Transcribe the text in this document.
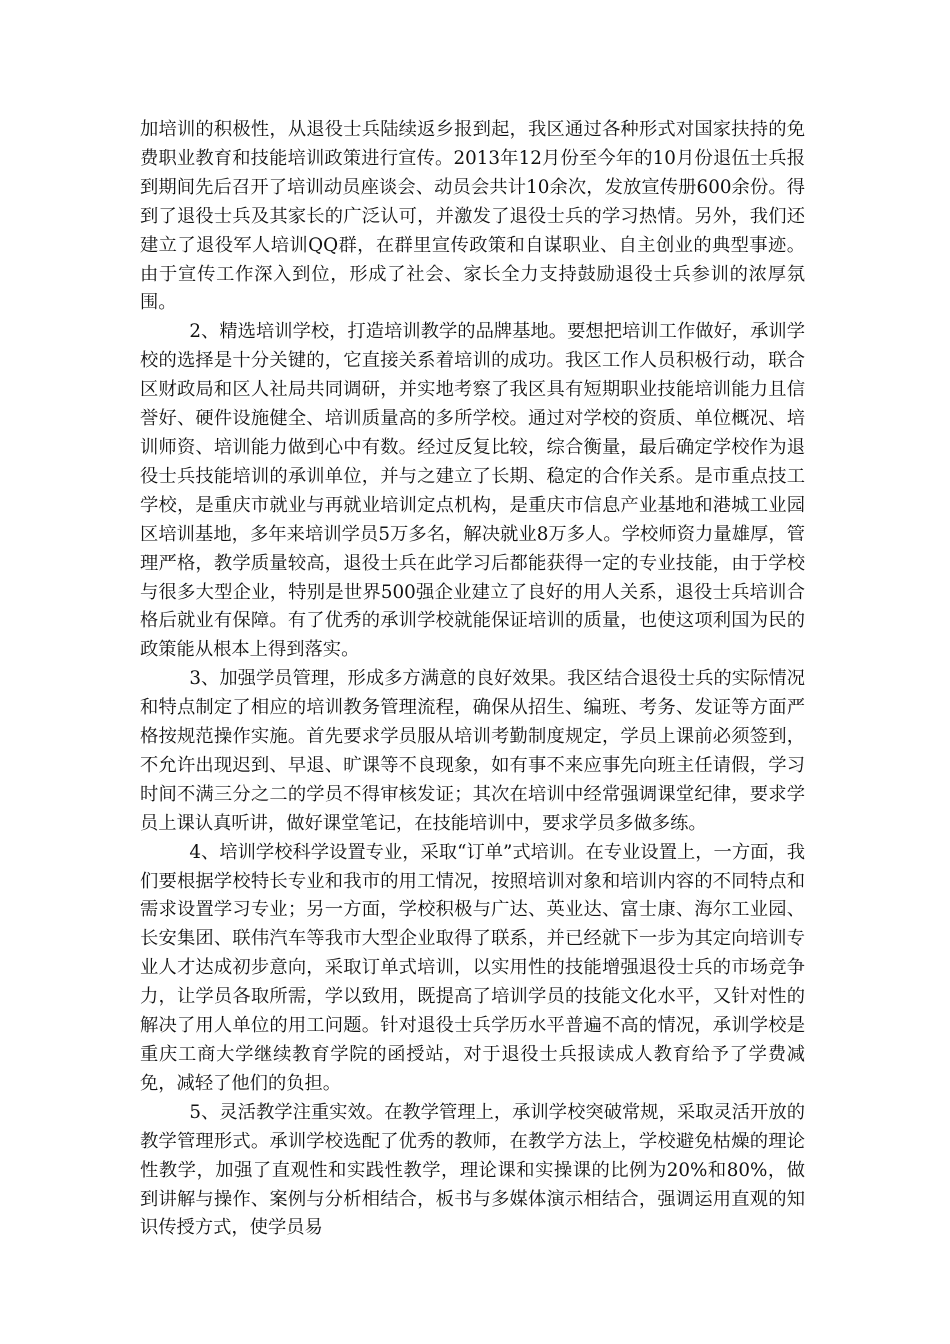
加培训的积极性，从退役士兵陆续返乡报到起，我区通过各种形式对国家扶持的免费职业教育和技能培训政策进行宣传。2013年12月份至今年的10月份退伍士兵报到期间先后召开了培训动员座谈会、动员会共计10余次，发放宣传册600余份。得到了退役士兵及其家长的广泛认可，并激发了退役士兵的学习热情。另外，我们还建立了退役军人培训QQ群，在群里宣传政策和自谋职业、自主创业的典型事迹。由于宣传工作深入到位，形成了社会、家长全力支持鼓励退役士兵参训的浓厚氛围。

2、精选培训学校，打造培训教学的品牌基地。要想把培训工作做好，承训学校的选择是十分关键的，它直接关系着培训的成功。我区工作人员积极行动，联合区财政局和区人社局共同调研，并实地考察了我区具有短期职业技能培训能力且信誉好、硬件设施健全、培训质量高的多所学校。通过对学校的资质、单位概况、培训师资、培训能力做到心中有数。经过反复比较，综合衡量，最后确定学校作为退役士兵技能培训的承训单位，并与之建立了长期、稳定的合作关系。是市重点技工学校，是重庆市就业与再就业培训定点机构，是重庆市信息产业基地和港城工业园区培训基地，多年来培训学员5万多名，解决就业8万多人。学校师资力量雄厚，管理严格，教学质量较高，退役士兵在此学习后都能获得一定的专业技能，由于学校与很多大型企业，特别是世界500强企业建立了良好的用人关系，退役士兵培训合格后就业有保障。有了优秀的承训学校就能保证培训的质量，也使这项利国为民的政策能从根本上得到落实。

3、加强学员管理，形成多方满意的良好效果。我区结合退役士兵的实际情况和特点制定了相应的培训教务管理流程，确保从招生、编班、考务、发证等方面严格按规范操作实施。首先要求学员服从培训考勤制度规定，学员上课前必须签到，不允许出现迟到、早退、旷课等不良现象，如有事不来应事先向班主任请假，学习时间不满三分之二的学员不得审核发证；其次在培训中经常强调课堂纪律，要求学员上课认真听讲，做好课堂笔记，在技能培训中，要求学员多做多练。

4、培训学校科学设置专业，采取“订单”式培训。在专业设置上，一方面，我们要根据学校特长专业和我市的用工情况，按照培训对象和培训内容的不同特点和需求设置学习专业；另一方面，学校积极与广达、英业达、富士康、海尔工业园、长安集团、联伟汽车等我市大型企业取得了联系，并已经就下一步为其定向培训专业人才达成初步意向，采取订单式培训，以实用性的技能增强退役士兵的市场竞争力，让学员各取所需，学以致用，既提高了培训学员的技能文化水平，又针对性的解决了用人单位的用工问题。针对退役士兵学历水平普遍不高的情况，承训学校是重庆工商大学继续教育学院的函授站，对于退役士兵报读成人教育给予了学费减免，减轻了他们的负担。

5、灵活教学注重实效。在教学管理上，承训学校突破常规，采取灵活开放的教学管理形式。承训学校选配了优秀的教师，在教学方法上，学校避免枯燥的理论性教学，加强了直观性和实践性教学，理论课和实操课的比例为20%和80%，做到讲解与操作、案例与分析相结合，板书与多媒体演示相结合，强调运用直观的知识传授方式，使学员易
